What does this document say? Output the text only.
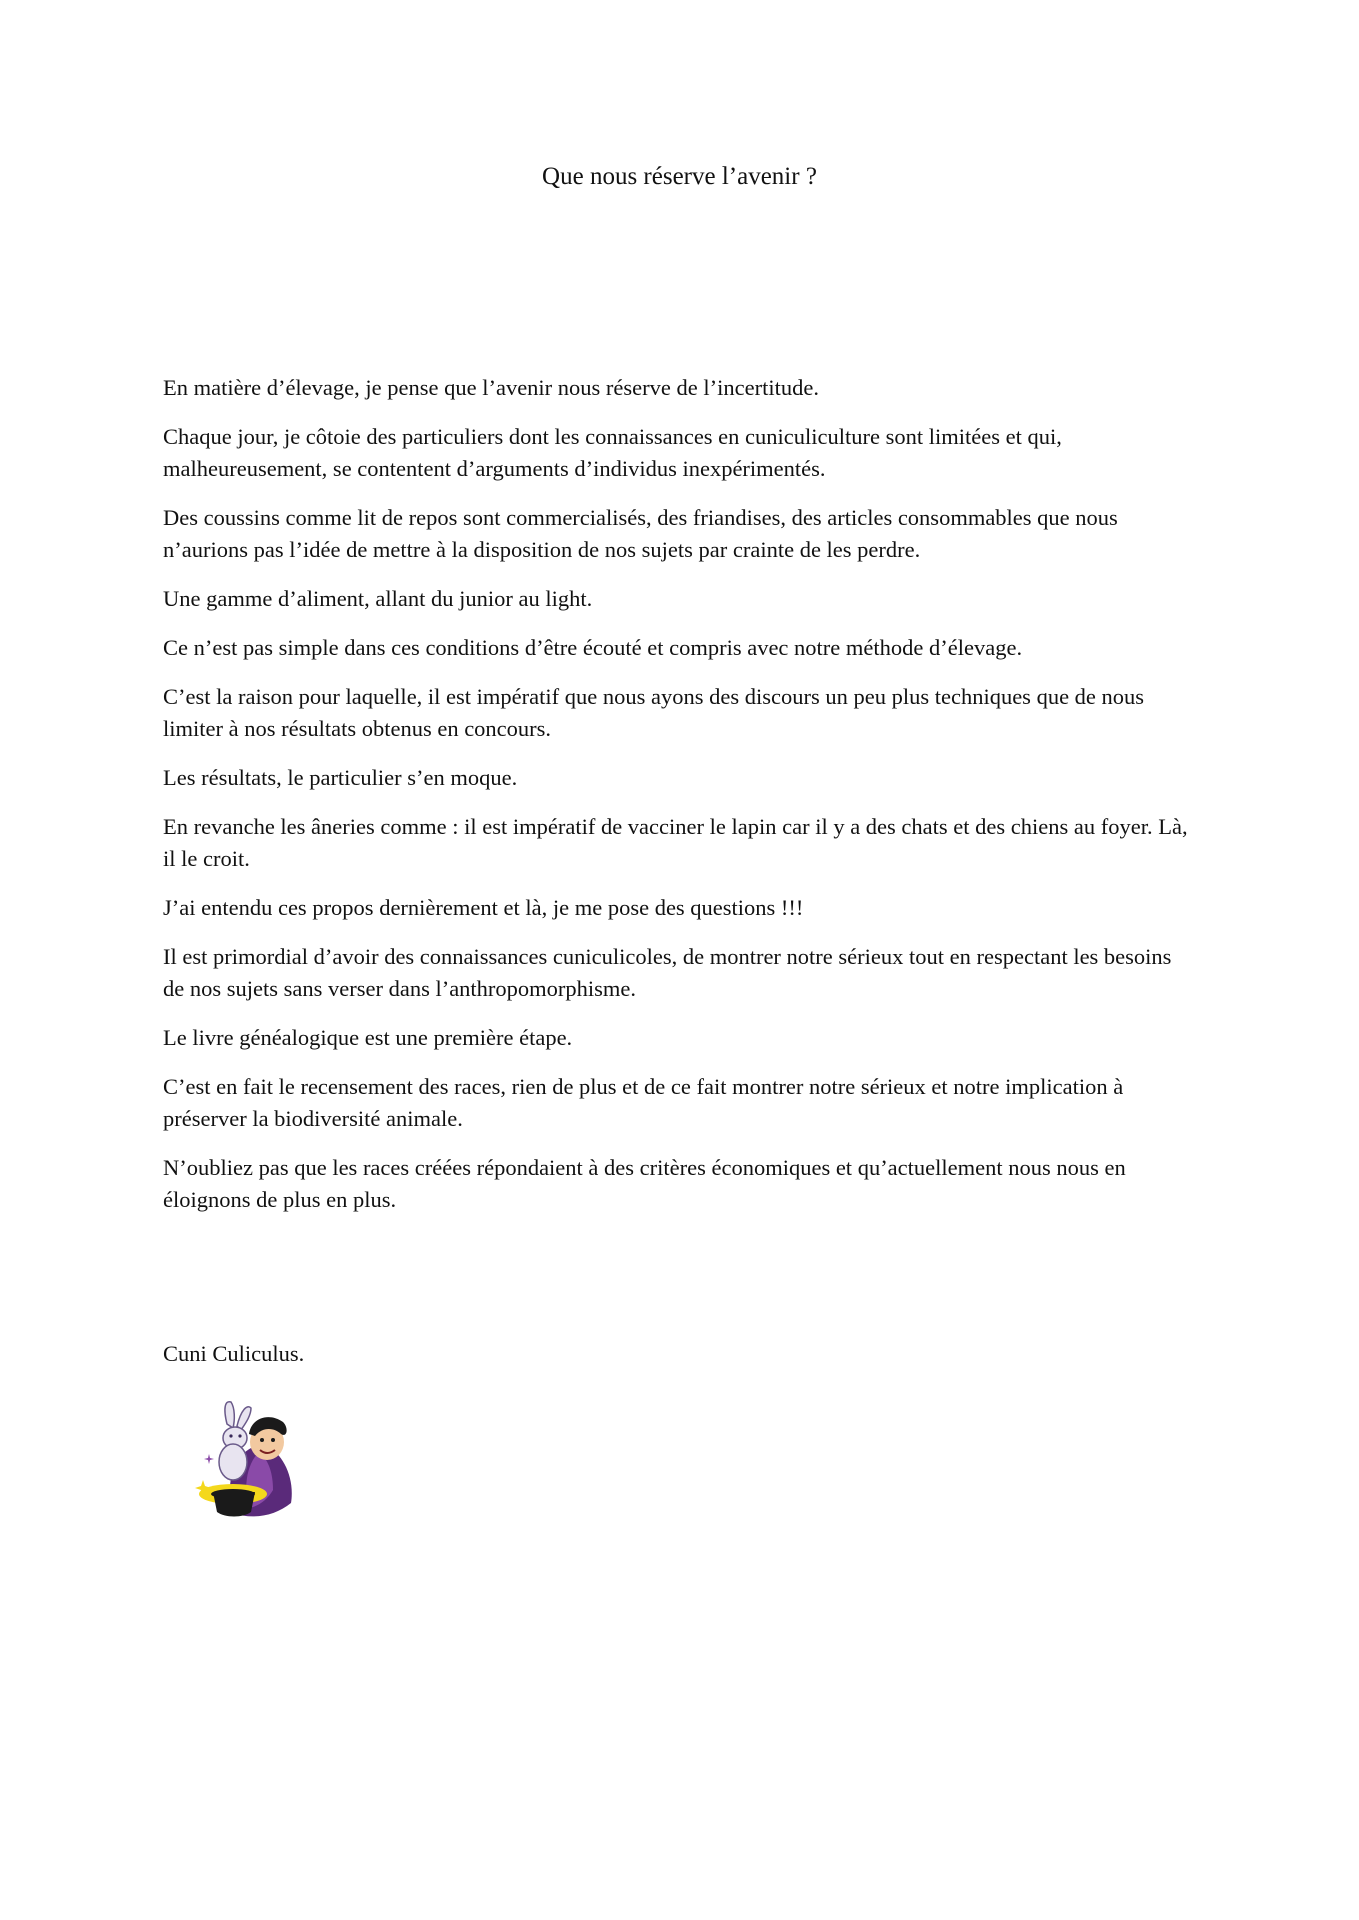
Que nous réserve l’avenir ?

En matière d’élevage, je pense que l’avenir nous réserve de l’incertitude.

Chaque jour, je côtoie des particuliers dont les connaissances en cuniculiculture sont limitées et qui, malheureusement, se contentent d’arguments d’individus inexpérimentés.

Des coussins comme lit de repos sont commercialisés, des friandises, des articles consommables que nous n’aurions pas l’idée de mettre à la disposition de nos sujets par crainte de les perdre.

Une gamme d’aliment, allant du junior au light.

Ce n’est pas simple dans ces conditions d’être écouté et compris avec notre méthode d’élevage.

C’est la raison pour laquelle, il est impératif que nous ayons des discours un peu plus techniques que de nous limiter à nos résultats obtenus en concours.

Les résultats, le particulier s’en moque.

En revanche les âneries comme : il est impératif de vacciner le lapin car il y a des chats et des chiens au foyer. Là, il le croit.

J’ai entendu ces propos dernièrement et là, je me pose des questions !!!

Il est primordial d’avoir des connaissances cuniculicoles, de montrer notre sérieux tout en respectant les besoins de nos sujets sans verser dans l’anthropomorphisme.

Le livre généalogique est une première étape.

C’est en fait le recensement des races, rien de plus et de ce fait montrer notre sérieux et notre implication à préserver la biodiversité animale.

N’oubliez pas que les races créées répondaient à des critères économiques et qu’actuellement nous nous en éloignons de plus en plus.

Cuni Culiculus.
